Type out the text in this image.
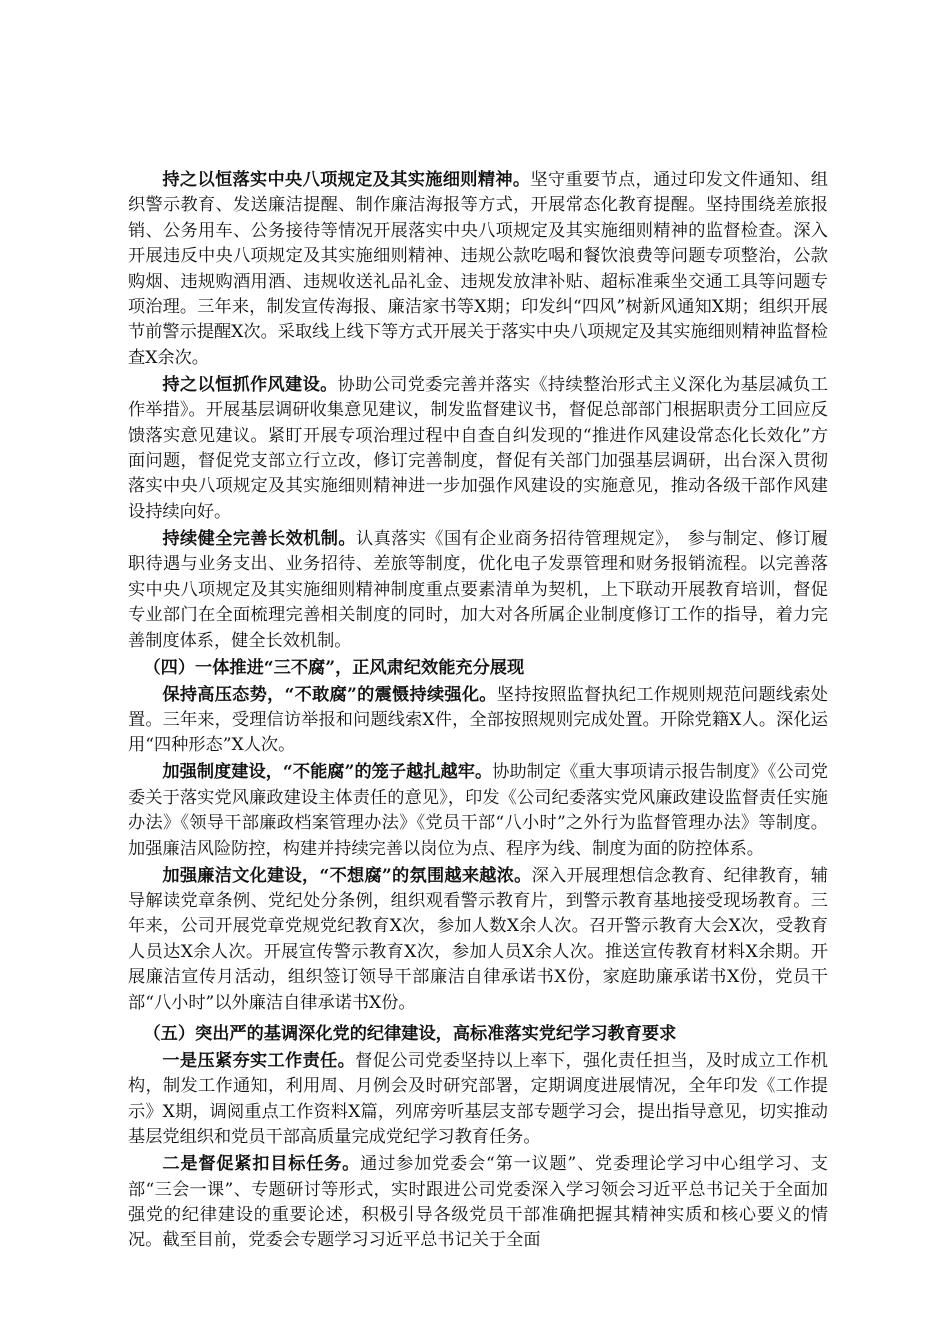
持之以恒落实中央八项规定及其实施细则精神。坚守重要节点，通过印发文件通知、组织警示教育、发送廉洁提醒、制作廉洁海报等方式，开展常态化教育提醒。坚持围绕差旅报销、公务用车、公务接待等情况开展落实中央八项规定及其实施细则精神的监督检查。深入开展违反中央八项规定及其实施细则精神、违规公款吃喝和餐饮浪费等问题专项整治，公款购烟、违规购酒用酒、违规收送礼品礼金、违规发放津补贴、超标准乘坐交通工具等问题专项治理。三年来，制发宣传海报、廉洁家书等X期；印发纠“四风”树新风通知X期；组织开展节前警示提醒X次。采取线上线下等方式开展关于落实中央八项规定及其实施细则精神监督检查X余次。

持之以恒抓作风建设。协助公司党委完善并落实《持续整治形式主义深化为基层减负工作举措》。开展基层调研收集意见建议，制发监督建议书，督促总部部门根据职责分工回应反馈落实意见建议。紧盯开展专项治理过程中自查自纠发现的“推进作风建设常态化长效化”方面问题，督促党支部立行立改，修订完善制度，督促有关部门加强基层调研，出台深入贯彻落实中央八项规定及其实施细则精神进一步加强作风建设的实施意见，推动各级干部作风建设持续向好。

持续健全完善长效机制。认真落实《国有企业商务招待管理规定》， 参与制定、修订履职待遇与业务支出、业务招待、差旅等制度，优化电子发票管理和财务报销流程。以完善落实中央八项规定及其实施细则精神制度重点要素清单为契机，上下联动开展教育培训，督促专业部门在全面梳理完善相关制度的同时，加大对各所属企业制度修订工作的指导，着力完善制度体系，健全长效机制。

（四）一体推进“三不腐”，正风肃纪效能充分展现

保持高压态势，“不敢腐”的震慑持续强化。坚持按照监督执纪工作规则规范问题线索处置。三年来，受理信访举报和问题线索X件，全部按照规则完成处置。开除党籍X人。深化运用“四种形态”X人次。

加强制度建设，“不能腐”的笼子越扎越牢。协助制定《重大事项请示报告制度》《公司党委关于落实党风廉政建设主体责任的意见》，印发《公司纪委落实党风廉政建设监督责任实施办法》《领导干部廉政档案管理办法》《党员干部“八小时”之外行为监督管理办法》等制度。加强廉洁风险防控，构建并持续完善以岗位为点、程序为线、制度为面的防控体系。

加强廉洁文化建设，“不想腐”的氛围越来越浓。深入开展理想信念教育、纪律教育，辅导解读党章条例、党纪处分条例，组织观看警示教育片，到警示教育基地接受现场教育。三年来，公司开展党章党规党纪教育X次，参加人数X余人次。召开警示教育大会X次，受教育人员达X余人次。开展宣传警示教育X次，参加人员X余人次。推送宣传教育材料X余期。开展廉洁宣传月活动，组织签订领导干部廉洁自律承诺书X份，家庭助廉承诺书X份，党员干部“八小时”以外廉洁自律承诺书X份。

（五）突出严的基调深化党的纪律建设，高标准落实党纪学习教育要求

一是压紧夯实工作责任。督促公司党委坚持以上率下，强化责任担当，及时成立工作机构，制发工作通知，利用周、月例会及时研究部署，定期调度进展情况，全年印发《工作提示》X期，调阅重点工作资料X篇，列席旁听基层支部专题学习会，提出指导意见，切实推动基层党组织和党员干部高质量完成党纪学习教育任务。

二是督促紧扣目标任务。通过参加党委会“第一议题”、党委理论学习中心组学习、支部“三会一课”、专题研讨等形式，实时跟进公司党委深入学习领会习近平总书记关于全面加强党的纪律建设的重要论述，积极引导各级党员干部准确把握其精神实质和核心要义的情况。截至目前，党委会专题学习习近平总书记关于全面
